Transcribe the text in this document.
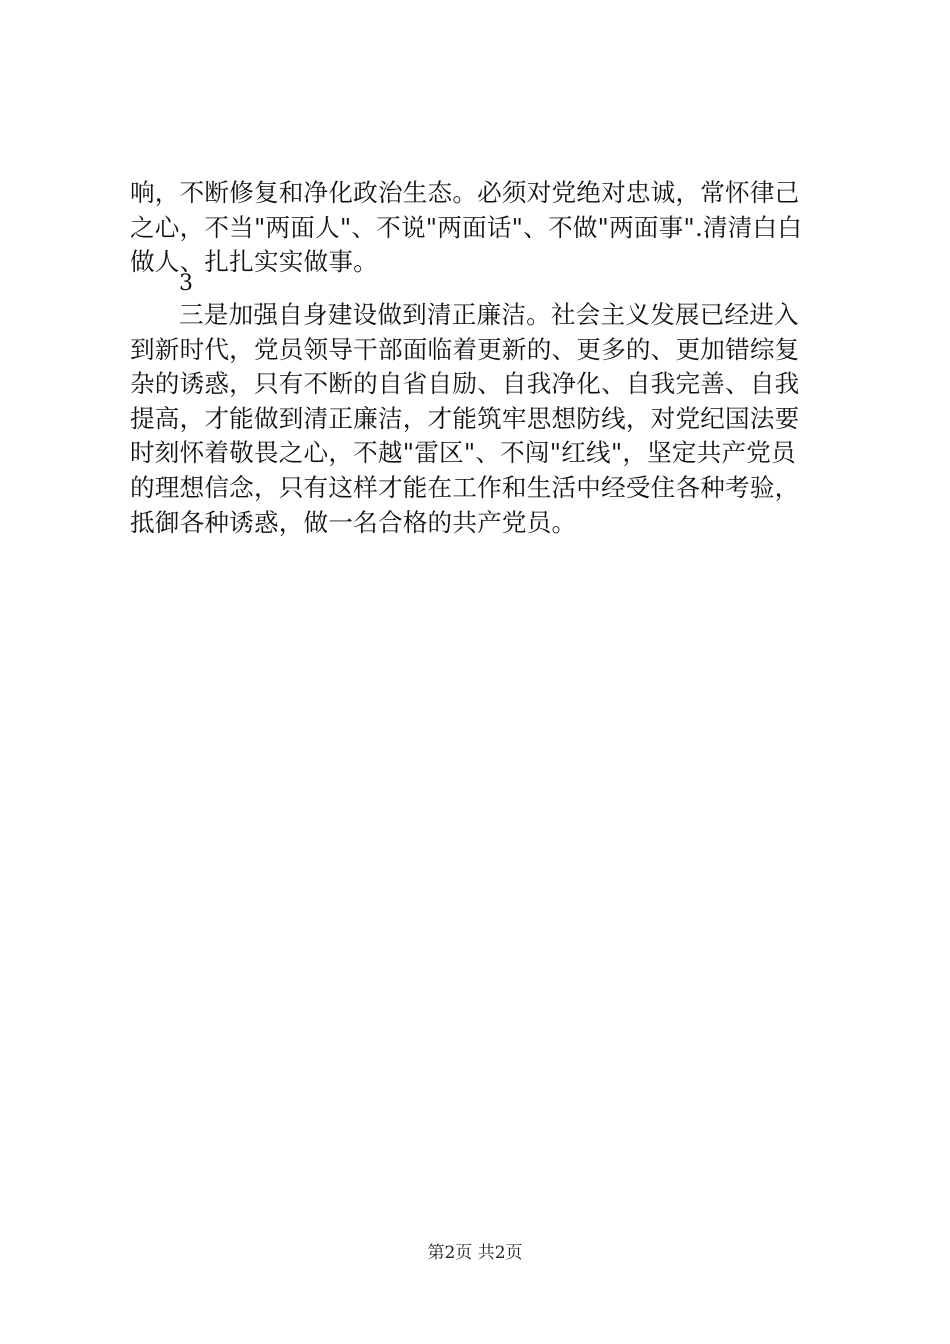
响，不断修复和净化政治生态。必须对党绝对忠诚，常怀律己
之心，不当"两面人"、不说"两面话"、不做"两面事".清清白白
做人、扎扎实实做事。
3
三是加强自身建设做到清正廉洁。社会主义发展已经进入
到新时代，党员领导干部面临着更新的、更多的、更加错综复
杂的诱惑，只有不断的自省自励、自我净化、自我完善、自我
提高，才能做到清正廉洁，才能筑牢思想防线，对党纪国法要
时刻怀着敬畏之心，不越"雷区"、不闯"红线"，坚定共产党员
的理想信念，只有这样才能在工作和生活中经受住各种考验，
抵御各种诱惑，做一名合格的共产党员。
第2页 共2页
